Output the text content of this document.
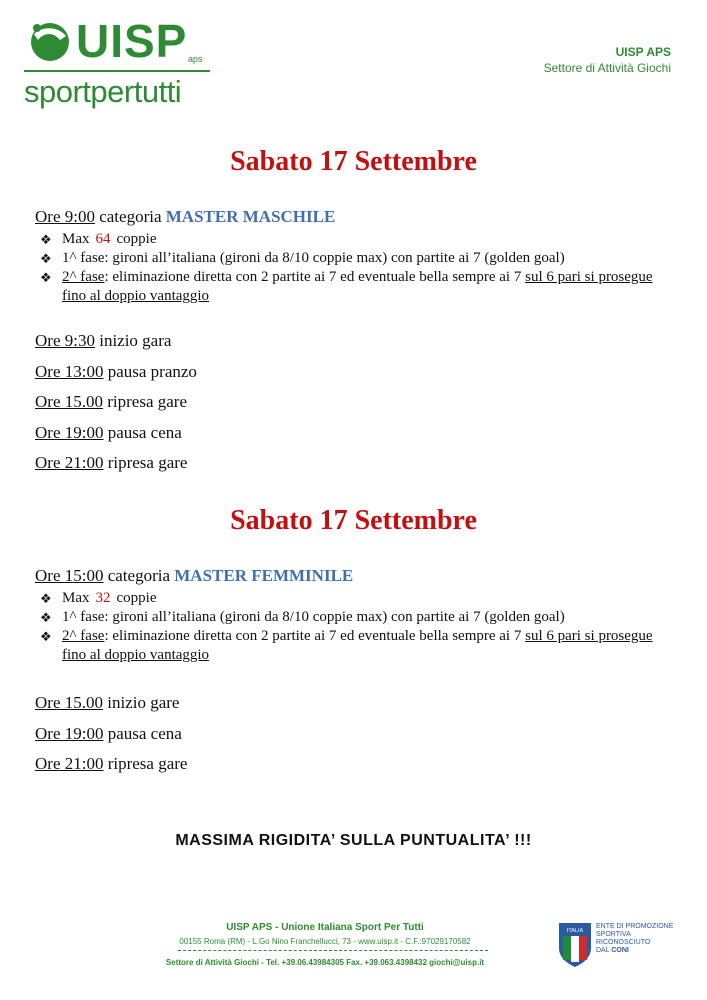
UISP aps
sportpertutti
UISP APS
Settore di Attività Giochi
Sabato 17 Settembre
Ore 9:00 categoria MASTER MASCHILE
❖ Max 64 coppie
❖ 1^ fase: gironi all’italiana (gironi da 8/10 coppie max) con partite ai 7 (golden goal)
❖ 2^ fase: eliminazione diretta con 2 partite ai 7 ed eventuale bella sempre ai 7 sul 6 pari si prosegue fino al doppio vantaggio
Ore 9:30 inizio gara
Ore 13:00 pausa pranzo
Ore 15.00 ripresa gare
Ore 19:00 pausa cena
Ore 21:00 ripresa gare
Sabato 17 Settembre
Ore 15:00 categoria MASTER FEMMINILE
❖ Max 32 coppie
❖ 1^ fase: gironi all’italiana (gironi da 8/10 coppie max) con partite ai 7 (golden goal)
❖ 2^ fase: eliminazione diretta con 2 partite ai 7 ed eventuale bella sempre ai 7 sul 6 pari si prosegue fino al doppio vantaggio
Ore 15.00 inizio gare
Ore 19:00 pausa cena
Ore 21:00 ripresa gare
MASSIMA RIGIDITA’ SULLA PUNTUALITA’ !!!
UISP APS - Unione Italiana Sport Per Tutti
00155 Roma (RM) - L.Go Nino Franchellucci, 73 - www.uisp.it - C.F.:97029170582
Settore di Attività Giochi - Tel. +39.06.43984305 Fax. +39.063.4398432 giochi@uisp.it
ITALIA
ENTE DI PROMOZIONE
SPORTIVA
RICONOSCIUTO
DAL CONI
